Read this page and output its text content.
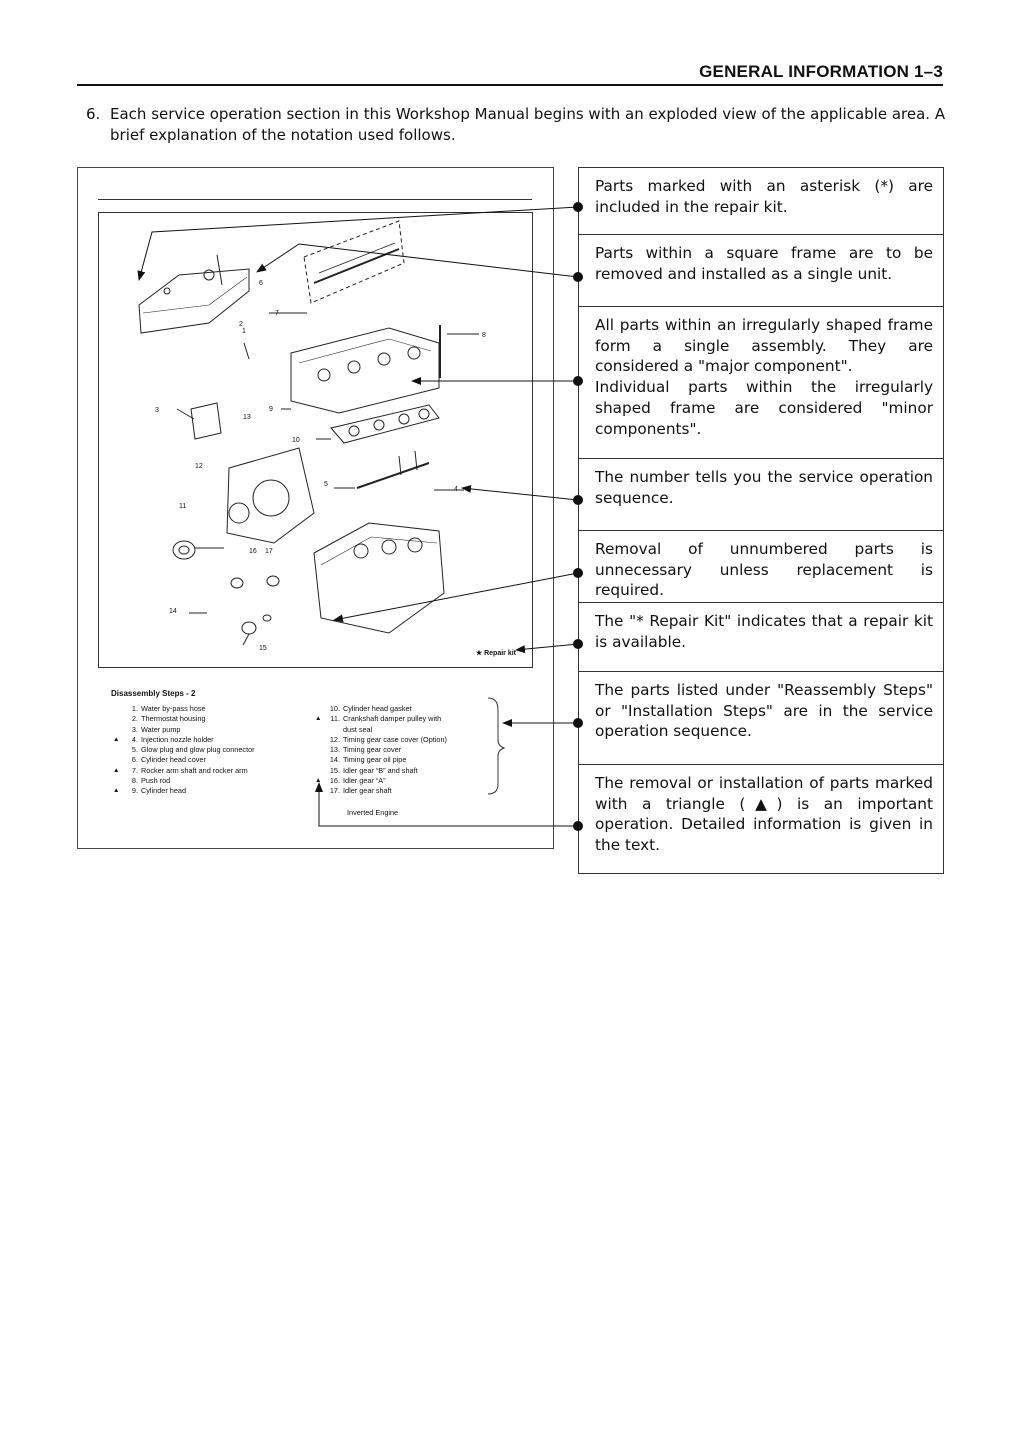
GENERAL INFORMATION 1–3
6. Each service operation section in this Workshop Manual begins with an exploded view of the applicable area. A brief explanation of the notation used follows.
1
2
3
4
5
6
7
8
9
10
11
12
13
14
15
16 17
★ Repair kit
Disassembly Steps - 2
1. Water by-pass hose
2. Thermostat housing
3. Water pump
▲	4. Injection nozzle holder
5. Glow plug and glow plug connector
6. Cylinder head cover
▲	7. Rocker arm shaft and rocker arm
8. Push rod
▲	9. Cylinder head
10. Cylinder head gasket
▲	11. Crankshaft damper pulley with
dust seal
12. Timing gear case cover (Option)
13. Timing gear cover
14. Timing gear oil pipe
15. Idler gear “B” and shaft
▲	16. Idler gear “A”
17. Idler gear shaft
Inverted Engine
Parts marked with an asterisk (*) are included in the repair kit.
Parts within a square frame are to be removed and installed as a single unit.
All parts within an irregularly shaped frame form a single assembly. They are considered a "major component".
Individual parts within the irregularly shaped frame are considered "minor components".
The number tells you the service operation sequence.
Removal of unnumbered parts is unnecessary unless replacement is required.
The "* Repair Kit" indicates that a repair kit is available.
The parts listed under "Reassembly Steps" or "Installation Steps" are in the service operation sequence.
The removal or installation of parts marked with a triangle (▲) is an important operation. Detailed information is given in the text.
